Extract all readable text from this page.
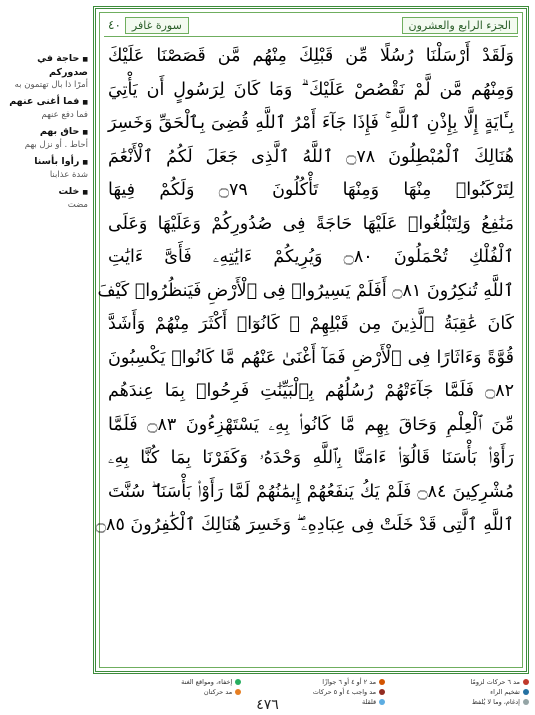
٤٠	سورة غافر	الجزء الرابع والعشرون
وَلَقَدْ أَرْسَلْنَا رُسُلًا مِّن قَبْلِكَ مِنْهُم مَّن قَصَصْنَا عَلَيْكَ
وَمِنْهُم مَّن لَّمْ نَقْصُصْ عَلَيْكَ ۗ وَمَا كَانَ لِرَسُولٍ أَن يَأْتِيَ
بِـَٔايَةٍ إِلَّا بِإِذْنِ ٱللَّهِ ۚ فَإِذَا جَآءَ أَمْرُ ٱللَّهِ قُضِىَ بِٱلْحَقِّ وَخَسِرَ
هُنَالِكَ ٱلْمُبْطِلُونَ ۝٧٨ ٱللَّهُ ٱلَّذِى جَعَلَ لَكُمُ ٱلْأَنْعَٰمَ
لِتَرْكَبُوا۟ مِنْهَا وَمِنْهَا تَأْكُلُونَ ۝٧٩ وَلَكُمْ فِيهَا
مَنَٰفِعُ وَلِتَبْلُغُوا۟ عَلَيْهَا حَاجَةً فِى صُدُورِكُمْ وَعَلَيْهَا وَعَلَى
ٱلْفُلْكِ تُحْمَلُونَ ۝٨٠ وَيُرِيكُمْ ءَايَٰتِهِۦ فَأَىَّ ءَايَٰتِ
ٱللَّهِ تُنكِرُونَ ۝٨١ أَفَلَمْ يَسِيرُوا۟ فِى ٱلْأَرْضِ فَيَنظُرُوا۟ كَيْفَ
كَانَ عَٰقِبَةُ ٱلَّذِينَ مِن قَبْلِهِمْ ۚ كَانُوٓا۟ أَكْثَرَ مِنْهُمْ وَأَشَدَّ
قُوَّةً وَءَاثَارًا فِى ٱلْأَرْضِ فَمَآ أَغْنَىٰ عَنْهُم مَّا كَانُوا۟ يَكْسِبُونَ
۝٨٢ فَلَمَّا جَآءَتْهُمْ رُسُلُهُم بِٱلْبَيِّنَٰتِ فَرِحُوا۟ بِمَا عِندَهُم
مِّنَ ٱلْعِلْمِ وَحَاقَ بِهِم مَّا كَانُوا۟ بِهِۦ يَسْتَهْزِءُونَ ۝٨٣ فَلَمَّا
رَأَوْا۟ بَأْسَنَا قَالُوٓا۟ ءَامَنَّا بِٱللَّهِ وَحْدَهُۥ وَكَفَرْنَا بِمَا كُنَّا بِهِۦ
مُشْرِكِينَ ۝٨٤ فَلَمْ يَكُ يَنفَعُهُمْ إِيمَٰنُهُمْ لَمَّا رَأَوْا۟ بَأْسَنَا ۖ سُنَّتَ
ٱللَّهِ ٱلَّتِى قَدْ خَلَتْ فِى عِبَادِهِۦ ۖ وَخَسِرَ هُنَالِكَ ٱلْكَٰفِرُونَ ۝٨٥
■ حاجة في صدوركم
أمرًا ذا بال تهتمون به
■ فما أغنى عنهم
فما دفع عنهم
■ حاق بهم
أحاط . أو نزل بهم
■ رأوا بأسنا
شدة عذابنا
■ خلت
مضت
مد ٦ حركات لزومًا
مد ٢ أو ٤ أو ٦ جوازًا
إخفاء، ومواقع الغنة
تفخيم الراء
مد واجب ٤ أو ٥ حركات
مد حركتان
إدغام، وما لا يُلفظ
قلقلة
٤٧٦
